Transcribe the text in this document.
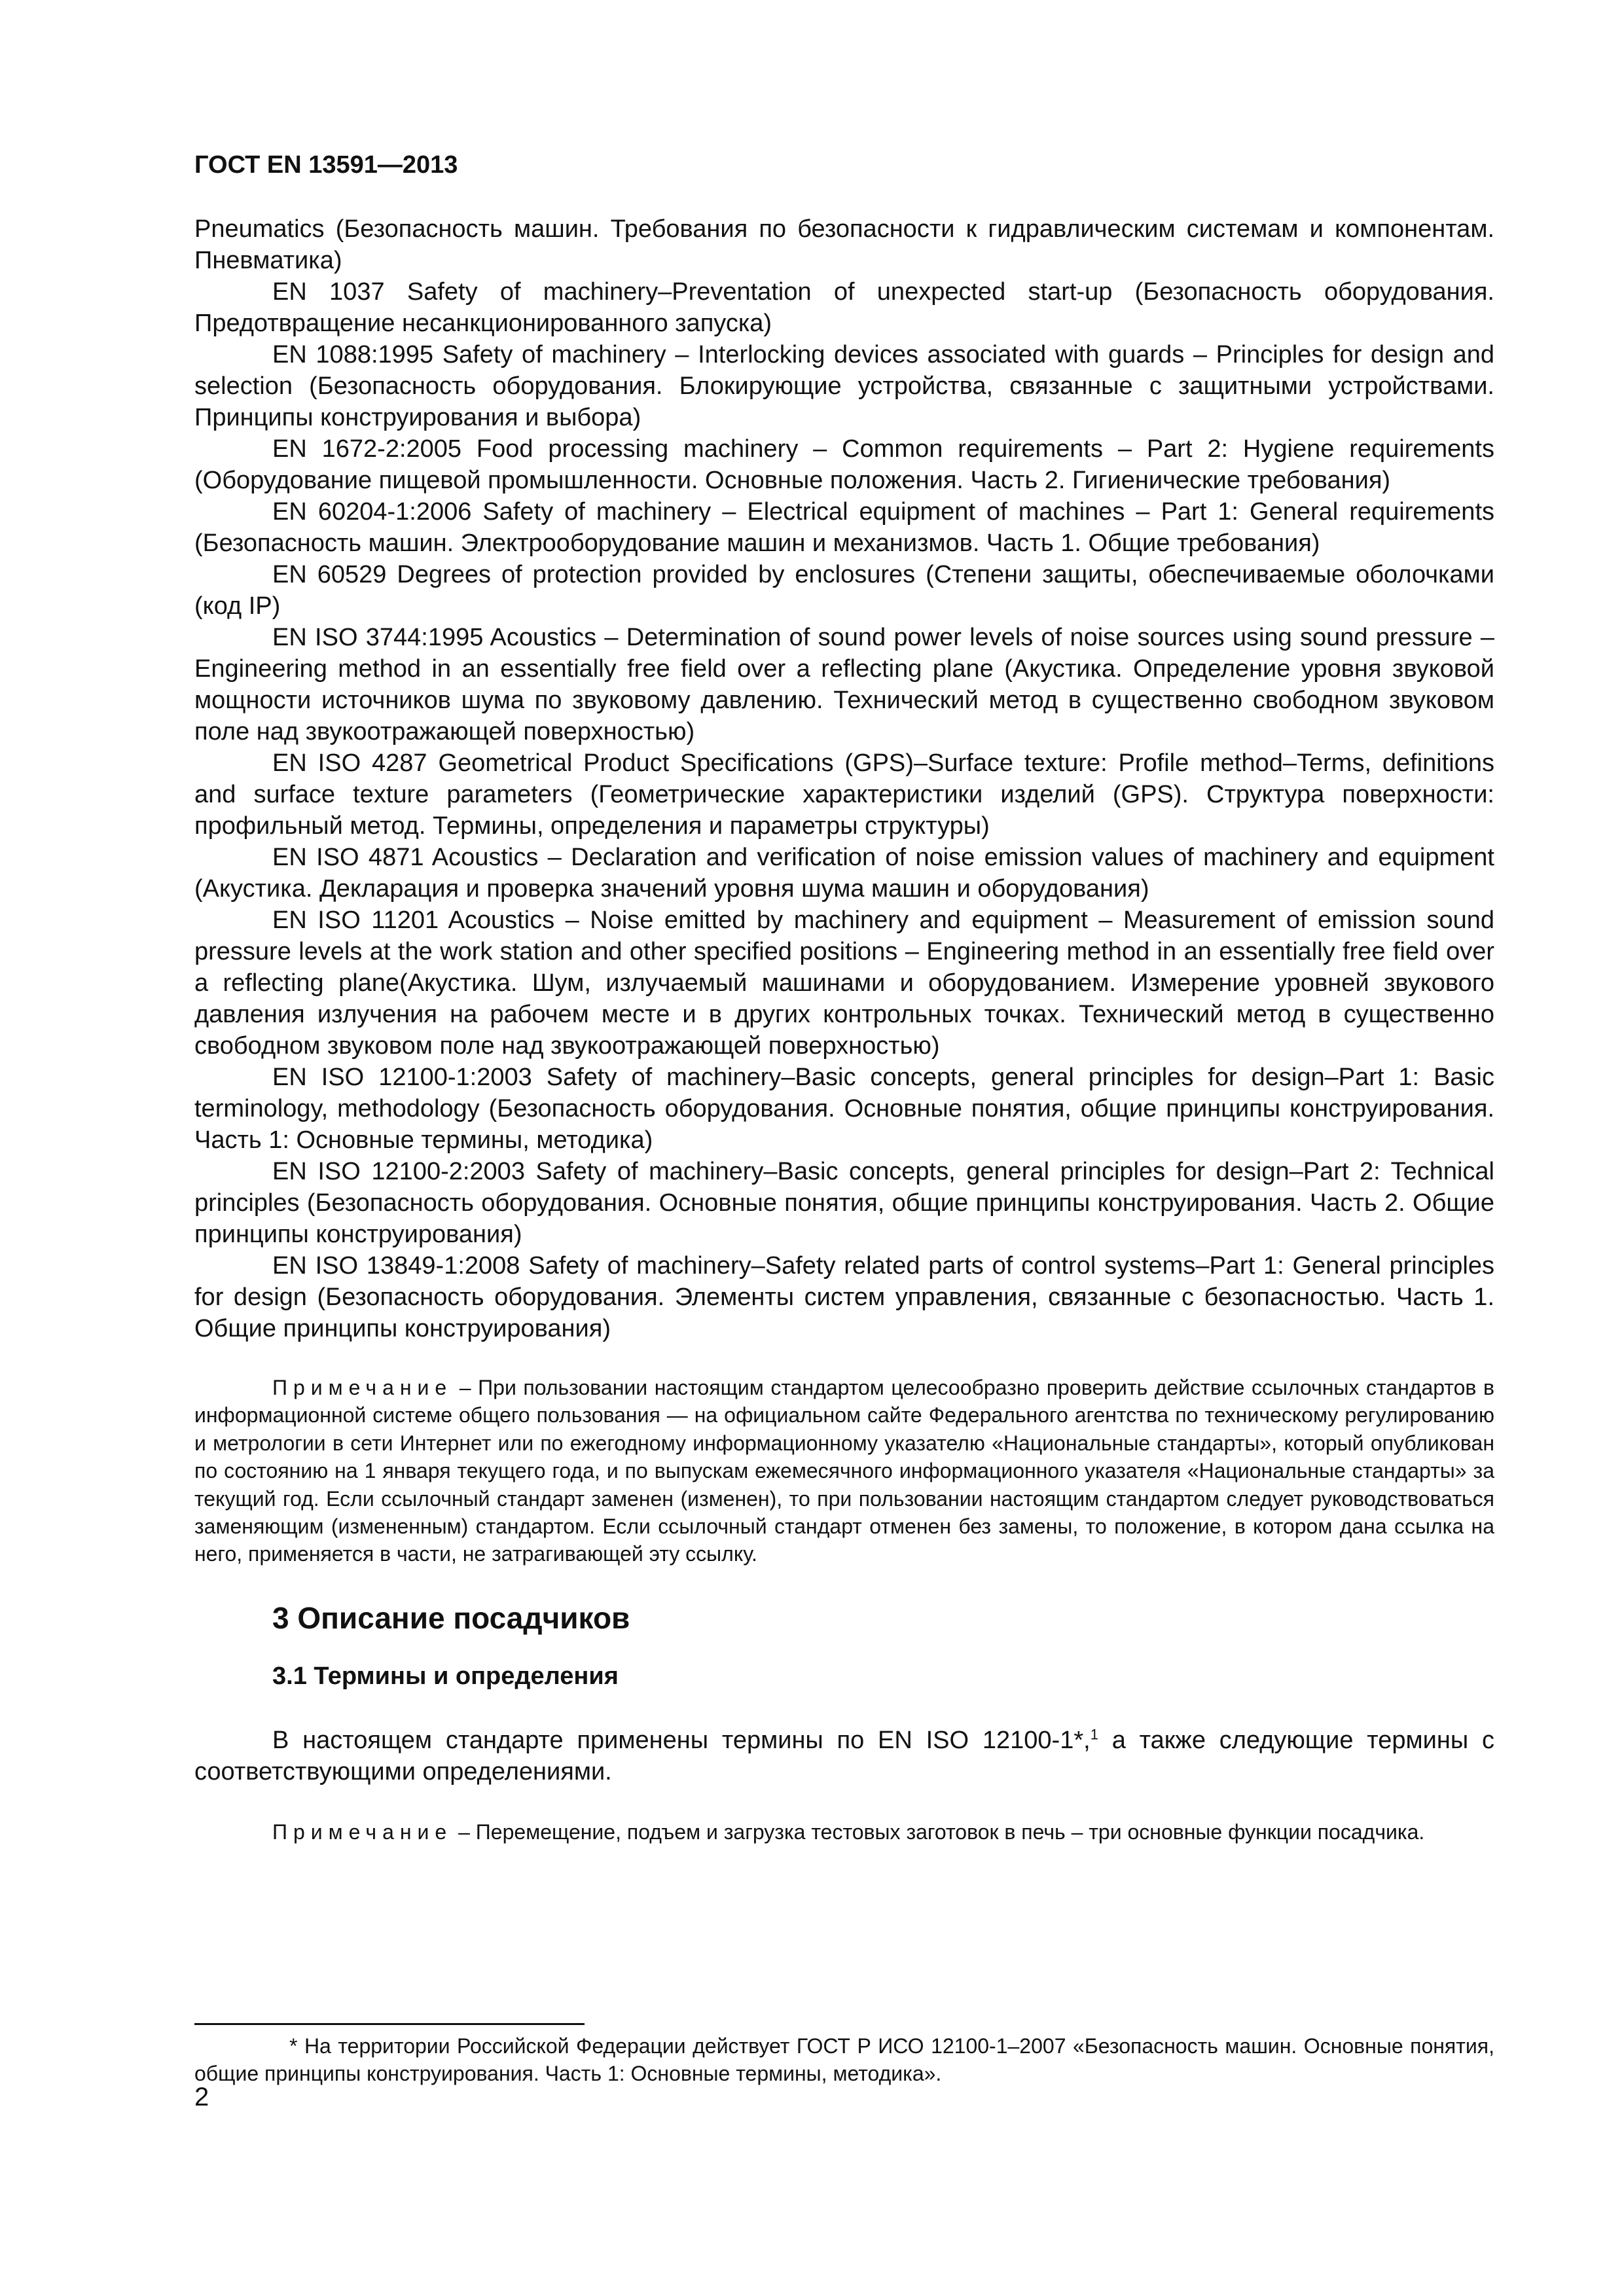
ГОСТ EN 13591—2013

Pneumatics (Безопасность машин. Требования по безопасности к гидравлическим системам и компонентам. Пневматика)

EN 1037 Safety of machinery–Preventation of unexpected start-up (Безопасность оборудования. Предотвращение несанкционированного запуска)

EN 1088:1995 Safety of machinery – Interlocking devices associated with guards – Principles for design and selection (Безопасность оборудования. Блокирующие устройства, связанные с защитными устройствами. Принципы конструирования и выбора)

EN 1672-2:2005 Food processing machinery – Common requirements – Part 2: Hygiene requirements (Оборудование пищевой промышленности. Основные положения. Часть 2. Гигиенические требования)

EN 60204-1:2006 Safety of machinery – Electrical equipment of machines – Part 1: General requirements (Безопасность машин. Электрооборудование машин и механизмов. Часть 1. Общие требования)

EN 60529 Degrees of protection provided by enclosures (Степени защиты, обеспечиваемые оболочками (код IP)

EN ISO 3744:1995 Acoustics – Determination of sound power levels of noise sources using sound pressure – Engineering method in an essentially free field over a reflecting plane (Акустика. Определение уровня звуковой мощности источников шума по звуковому давлению. Технический метод в существенно свободном звуковом поле над звукоотражающей поверхностью)

EN ISO 4287 Geometrical Product Specifications (GPS)–Surface texture: Profile method–Terms, definitions and surface texture parameters (Геометрические характеристики изделий (GPS). Структура поверхности: профильный метод. Термины, определения и параметры структуры)

EN ISO 4871 Acoustics – Declaration and verification of noise emission values of machinery and equipment (Акустика. Декларация и проверка значений уровня шума машин и оборудования)

EN ISO 11201 Acoustics – Noise emitted by machinery and equipment – Measurement of emission sound pressure levels at the work station and other specified positions – Engineering method in an essentially free field over a reflecting plane(Акустика. Шум, излучаемый машинами и оборудованием. Измерение уровней звукового давления излучения на рабочем месте и в других контрольных точках. Технический метод в существенно свободном звуковом поле над звукоотражающей поверхностью)

EN ISO 12100-1:2003 Safety of machinery–Basic concepts, general principles for design–Part 1: Basic terminology, methodology (Безопасность оборудования. Основные понятия, общие принципы конструирования. Часть 1: Основные термины, методика)

EN ISO 12100-2:2003 Safety of machinery–Basic concepts, general principles for design–Part 2: Technical principles (Безопасность оборудования. Основные понятия, общие принципы конструирования. Часть 2. Общие принципы конструирования)

EN ISO 13849-1:2008 Safety of machinery–Safety related parts of control systems–Part 1: General principles for design (Безопасность оборудования. Элементы систем управления, связанные с безопасностью. Часть 1. Общие принципы конструирования)

Примечание – При пользовании настоящим стандартом целесообразно проверить действие ссылочных стандартов в информационной системе общего пользования — на официальном сайте Федерального агентства по техническому регулированию и метрологии в сети Интернет или по ежегодному информационному указателю «Национальные стандарты», который опубликован по состоянию на 1 января текущего года, и по выпускам ежемесячного информационного указателя «Национальные стандарты» за текущий год. Если ссылочный стандарт заменен (изменен), то при пользовании настоящим стандартом следует руководствоваться заменяющим (измененным) стандартом. Если ссылочный стандарт отменен без замены, то положение, в котором дана ссылка на него, применяется в части, не затрагивающей эту ссылку.

3 Описание посадчиков
3.1 Термины и определения

В настоящем стандарте применены термины по EN ISO 12100-1*,$^1$ а также следующие термины с соответствующими определениями.

Примечание – Перемещение, подъем и загрузка тестовых заготовок в печь – три основные функции посадчика.

* На территории Российской Федерации действует ГОСТ Р ИСО 12100-1–2007 «Безопасность машин. Основные понятия, общие принципы конструирования. Часть 1: Основные термины, методика».

2
